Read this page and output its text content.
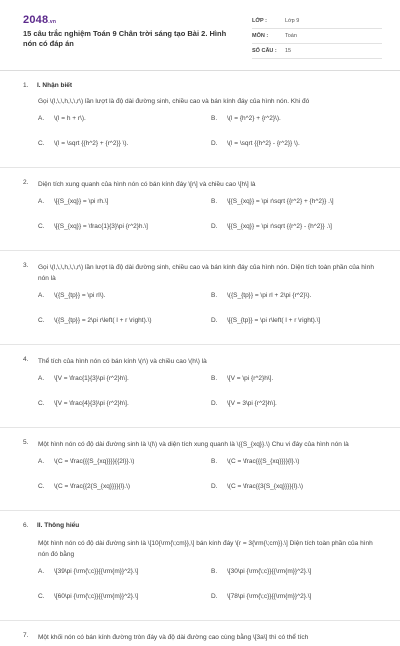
2048.vn
15 câu trắc nghiệm Toán 9 Chân trời sáng tạo Bài 2. Hình nón có đáp án
LỚP :	Lớp 9
MÔN :	Toán
SỐ CÂU : 15
1. I. Nhận biết
Gọi \(l,\,\,h,\,\,r\) lần lượt là độ dài đường sinh, chiều cao và bán kính đáy của hình nón. Khi đó
A. \(l = h + r\).	B. \(l = {h^2} + {r^2}\).
C. \(l = \sqrt {{h^2} + {r^2}} \).	D. \(l = \sqrt {{h^2} - {r^2}} \).
2. Diện tích xung quanh của hình nón có bán kính đáy \[r\] và chiều cao \[h\] là
A. \[{S_{xq}} = \pi rh.\]	B. \[{S_{xq}} = \pi r\sqrt {{r^2} + {h^2}} .\]
C. \[{S_{xq}} = \frac{1}{3}\pi {r^2}h.\]	D. \[{S_{xq}} = \pi r\sqrt {{r^2} - {h^2}} .\]
3. Gọi \(l,\,\,h,\,\,r\) lần lượt là độ dài đường sinh, chiều cao và bán kính đáy của hình nón. Diện tích toàn phần của hình nón là
A. \({S_{tp}} = \pi rl\).	B. \({S_{tp}} = \pi rl + 2\pi {r^2}\).
C. \({S_{tp}} = 2\pi r\left( l + r \right).\)	D. \[{S_{tp}} = \pi r\left( l + r \right).\]
4. Thể tích của hình nón có bán kính \(r\) và chiều cao \(h\) là
A. \[V = \frac{1}{3}\pi {r^2}h\].	B. \[V = \pi {r^2}h\].
C. \[V = \frac{4}{3}\pi {r^2}h\].	D. \[V = 3\pi {r^2}h\].
5. Một hình nón có độ dài đường sinh là \(l\) và diện tích xung quanh là \({S_{xq}}.\) Chu vi đáy của hình nón là
A. \(C = \frac{{{S_{xq}}}}{{2l}}.\)	B. \(C = \frac{{{S_{xq}}}}{l}.\)
C. \(C = \frac{{2{S_{xq}}}}{l}.\)	D. \(C = \frac{{3{S_{xq}}}}{l}.\)
6. II. Thông hiểu
Một hình nón có độ dài đường sinh là \[10{\rm{\;cm}},\] bán kính đáy \[r = 3{\rm{\;cm}}.\] Diện tích toàn phần của hình nón đó bằng
A. \[39\pi {\rm{\;c}}{{\rm{m}}^2}.\]	B. \[30\pi {\rm{\;c}}{{\rm{m}}^2}.\]
C. \[60\pi {\rm{\;c}}{{\rm{m}}^2}.\]	D. \[78\pi {\rm{\;c}}{{\rm{m}}^2}.\]
7. Một khối nón có bán kính đường tròn đáy và độ dài đường cao cùng bằng \[3a\] thì có thể tích
